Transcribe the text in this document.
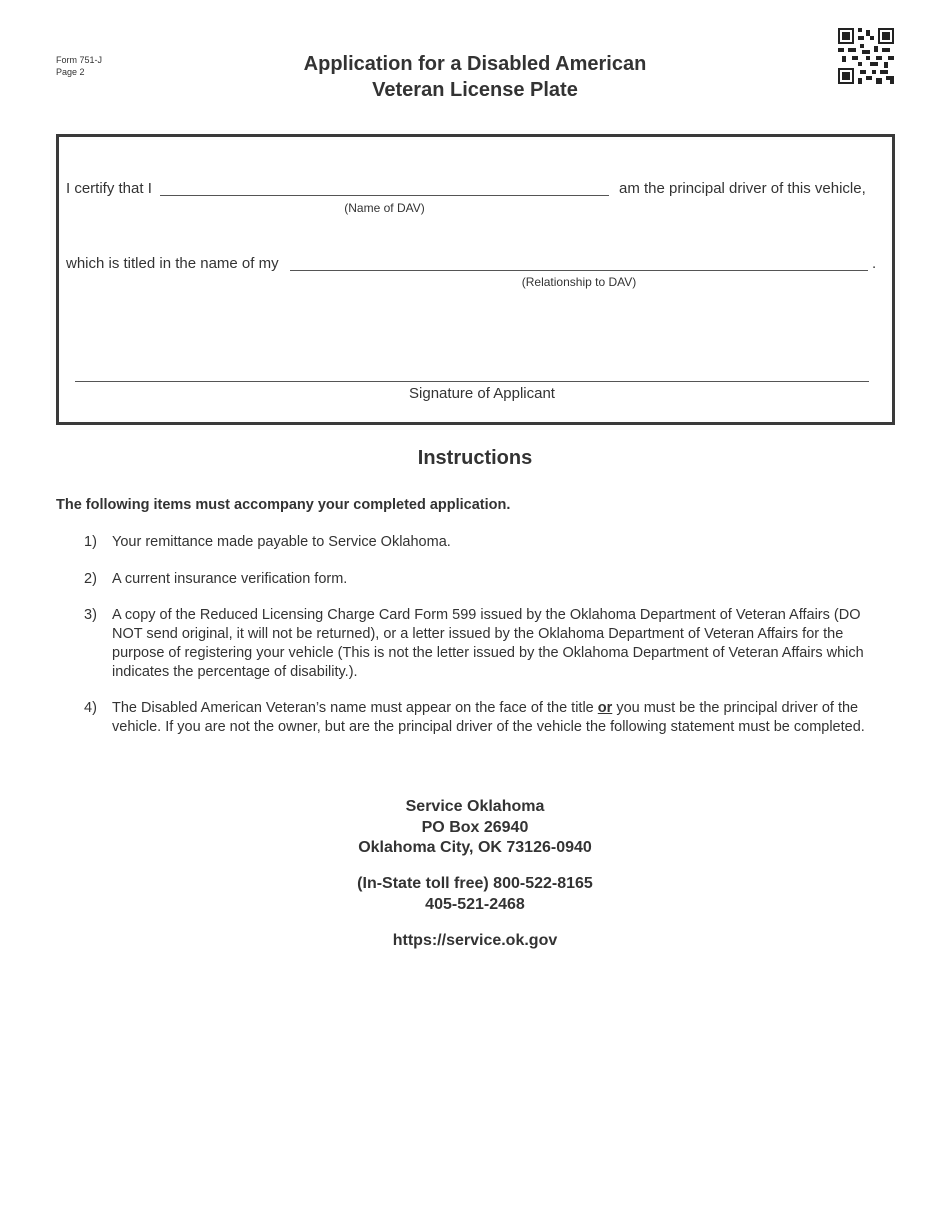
Form 751-J
Page 2	Application for a Disabled American
Veteran License Plate
I certify that I	am the principal driver of this vehicle,
(Name of DAV)
which is titled in the name of my	.
(Relationship to DAV)
Signature of Applicant
Instructions
The following items must accompany your completed application.
1) Your remittance made payable to Service Oklahoma.
2) A current insurance verification form.
3) A copy of the Reduced Licensing Charge Card Form 599 issued by the Oklahoma Department of Veteran Affairs (DO NOT send original, it will not be returned), or a letter issued by the Oklahoma Department of Veteran Affairs for the purpose of registering your vehicle (This is not the letter issued by the Oklahoma Department of Veteran Affairs which indicates the percentage of disability.).
4) The Disabled American Veteran’s name must appear on the face of the title or you must be the principal driver of the vehicle. If you are not the owner, but are the principal driver of the vehicle the following statement must be completed.
Service Oklahoma
PO Box 26940
Oklahoma City, OK 73126-0940
(In-State toll free) 800-522-8165
405-521-2468
https://service.ok.gov
